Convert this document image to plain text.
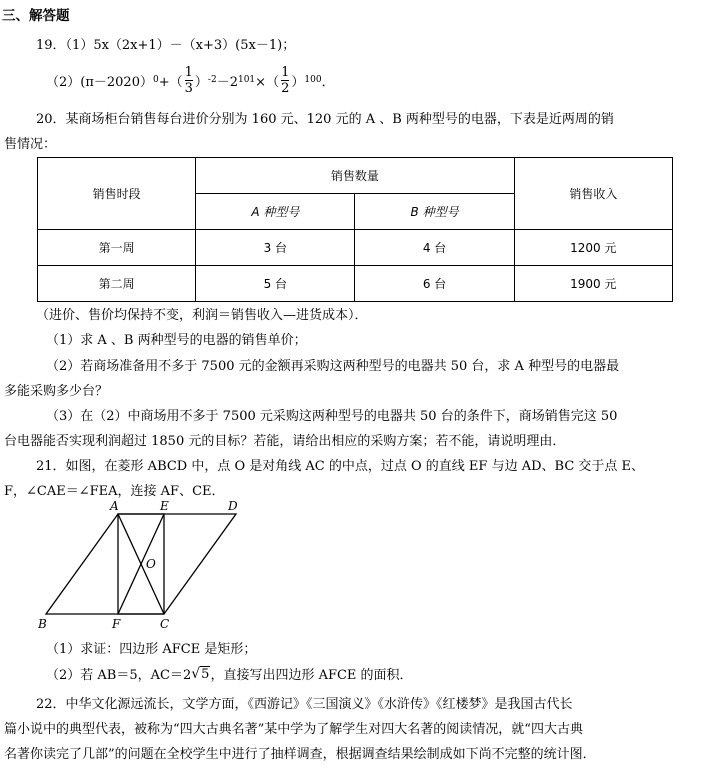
三、解答题
19．（1）5x（2x+1）－（x+3）(5x－1)；
（2）(π－2020） 0 +（ $\frac{1}{3}$ ） -2 －2 101 ×（ $\frac{1}{2}$ ） 100 ．
20．某商场柜台销售每台进价分别为 160 元、120 元的 A 、B 两种型号的电器，下表是近两周的销
售情况：
销售时段	销售数量		销售收入
	A 种型号	B 种型号	
第一周	3 台	4 台	1200 元
第二周	5 台	6 台	1900 元
（进价、售价均保持不变，利润＝销售收入—进货成本）．
（1）求 A 、B 两种型号的电器的销售单价；
（2）若商场准备用不多于 7500 元的金额再采购这两种型号的电器共 50 台，求 A 种型号的电器最
多能采购多少台？
（3）在（2）中商场用不多于 7500 元采购这两种型号的电器共 50 台的条件下，商场销售完这 50
台电器能否实现利润超过 1850 元的目标？若能，请给出相应的采购方案；若不能，请说明理由．
21．如图，在菱形 ABCD 中，点 O 是对角线 AC 的中点，过点 O 的直线 EF 与边 AD、BC 交于点 E、
F，∠CAE＝∠FEA，连接 AF、CE．
A	E	D
O
B	F	C
（1）求证：四边形 AFCE 是矩形；
（2）若 AB＝5，AC＝2 √ 5 ，直接写出四边形 AFCE 的面积．
22．中华文化源远流长，文学方面，《西游记》《三国演义》《水浒传》《红楼梦》是我国古代长
篇小说中的典型代表，被称为“四大古典名著”某中学为了解学生对四大名著的阅读情况，就“四大古典
名著你读完了几部”的问题在全校学生中进行了抽样调查，根据调查结果绘制成如下尚不完整的统计图．
